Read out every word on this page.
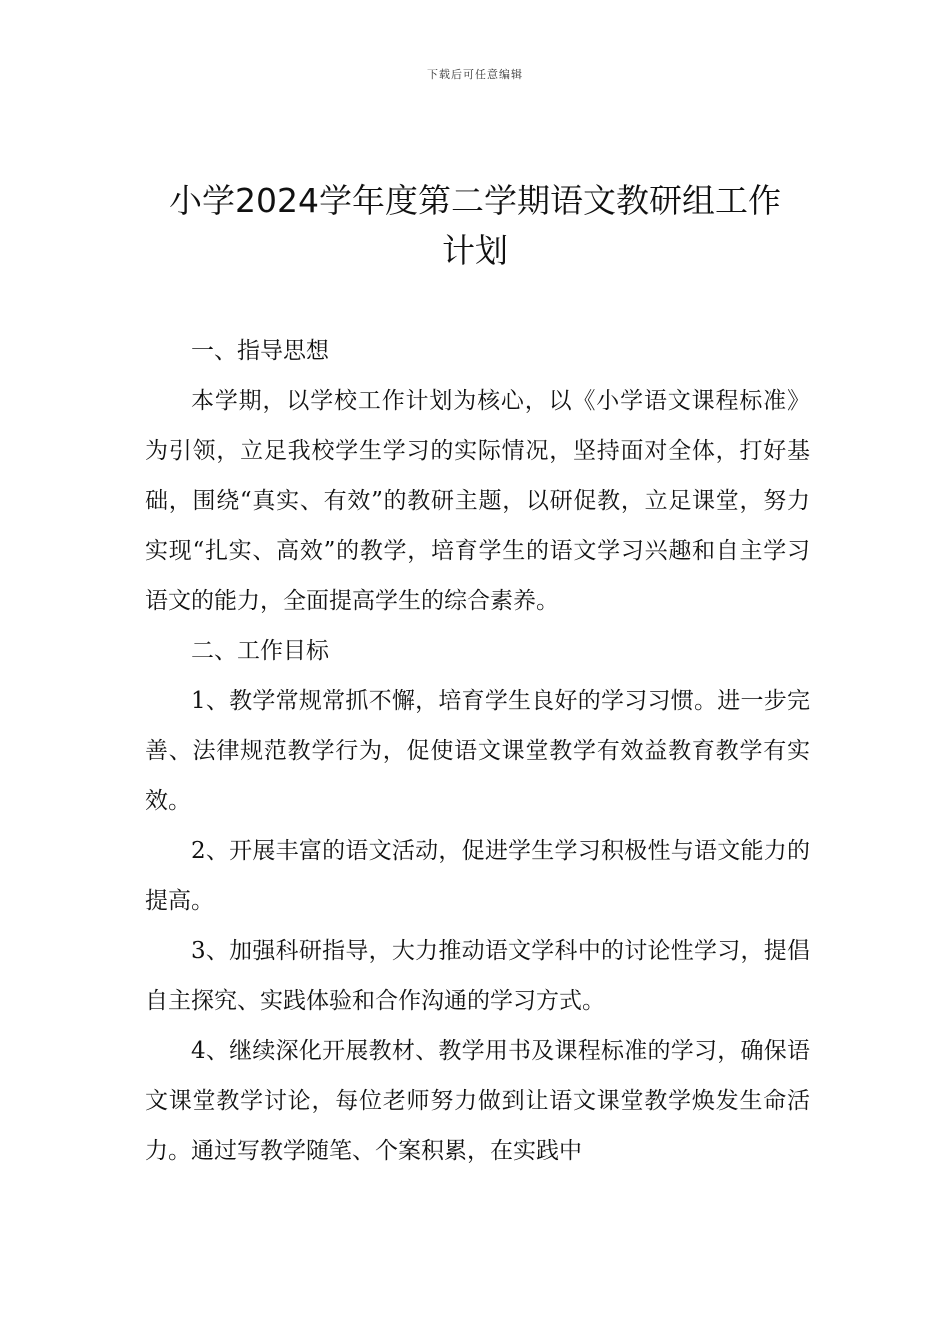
下载后可任意编辑
小学2024学年度第二学期语文教研组工作
计划

一、指导思想

本学期，以学校工作计划为核心，以《小学语文课程标准》为引领，立足我校学生学习的实际情况，坚持面对全体，打好基础，围绕“真实、有效”的教研主题，以研促教，立足课堂，努力实现“扎实、高效”的教学，培育学生的语文学习兴趣和自主学习语文的能力，全面提高学生的综合素养。

二、工作目标

1、教学常规常抓不懈，培育学生良好的学习习惯。进一步完善、法律规范教学行为，促使语文课堂教学有效益教育教学有实效。

2、开展丰富的语文活动，促进学生学习积极性与语文能力的提高。

3、加强科研指导，大力推动语文学科中的讨论性学习，提倡自主探究、实践体验和合作沟通的学习方式。

4、继续深化开展教材、教学用书及课程标准的学习，确保语文课堂教学讨论，每位老师努力做到让语文课堂教学焕发生命活力。通过写教学随笔、个案积累，在实践中
